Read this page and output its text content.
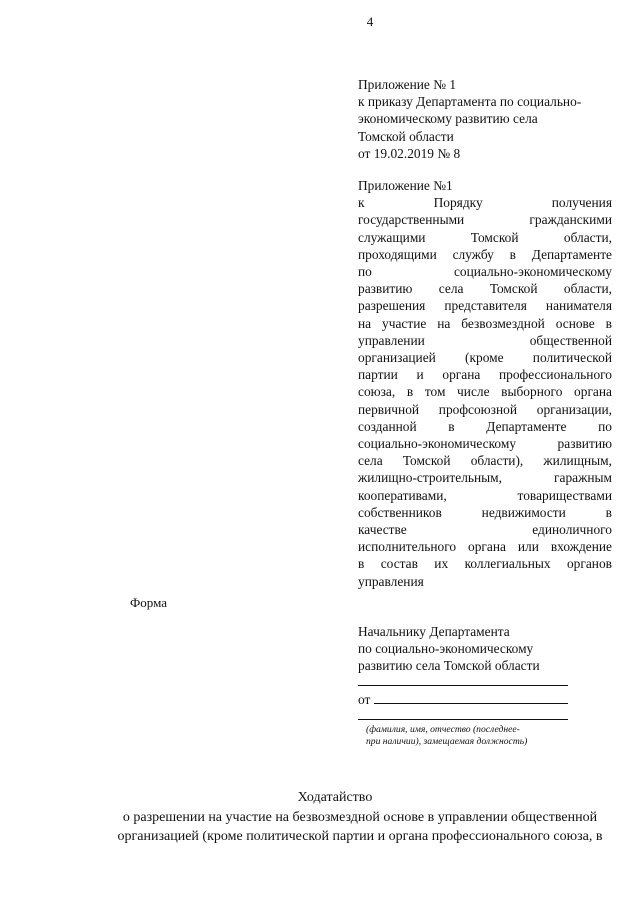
4
Приложение № 1
к приказу Департамента по социально-
экономическому развитию села
Томской области
от 19.02.2019 № 8
Приложение №1
к Порядку получения
государственными гражданскими
служащими Томской области,
проходящими службу в Департаменте
по социально-экономическому
развитию села Томской области,
разрешения представителя нанимателя
на участие на безвозмездной основе в
управлении общественной
организацией (кроме политической
партии и органа профессионального
союза, в том числе выборного органа
первичной профсоюзной организации,
созданной в Департаменте по
социально-экономическому развитию
села Томской области), жилищным,
жилищно-строительным, гаражным
кооперативами, товариществами
собственников недвижимости в
качестве единоличного
исполнительного органа или вхождение
в состав их коллегиальных органов
управления
Форма
Начальнику Департамента
по социально-экономическому
развитию села Томской области
от
(фамилия, имя, отчество (последнее-
при наличии), замещаемая должность)
Ходатайство
о разрешении на участие на безвозмездной основе в управлении общественной
организацией (кроме политической партии и органа профессионального союза, в
